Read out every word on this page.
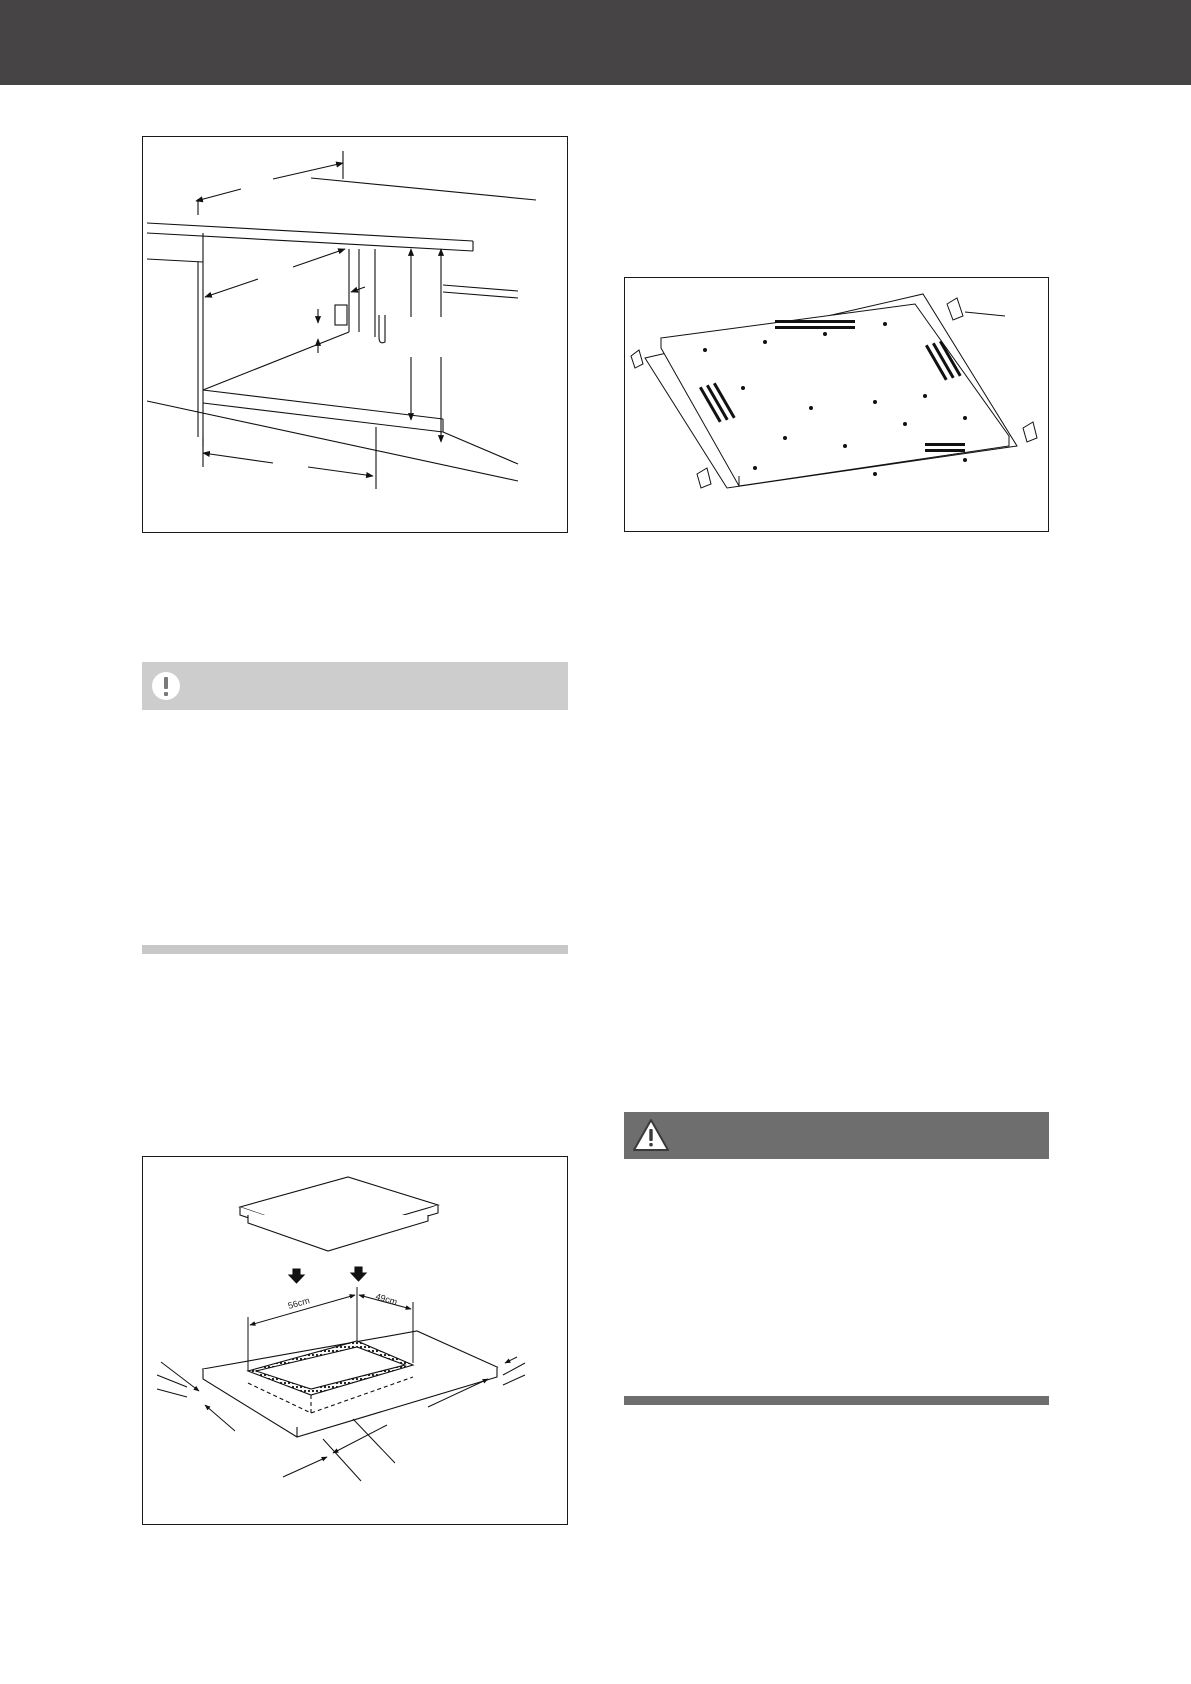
56cm	49cm
